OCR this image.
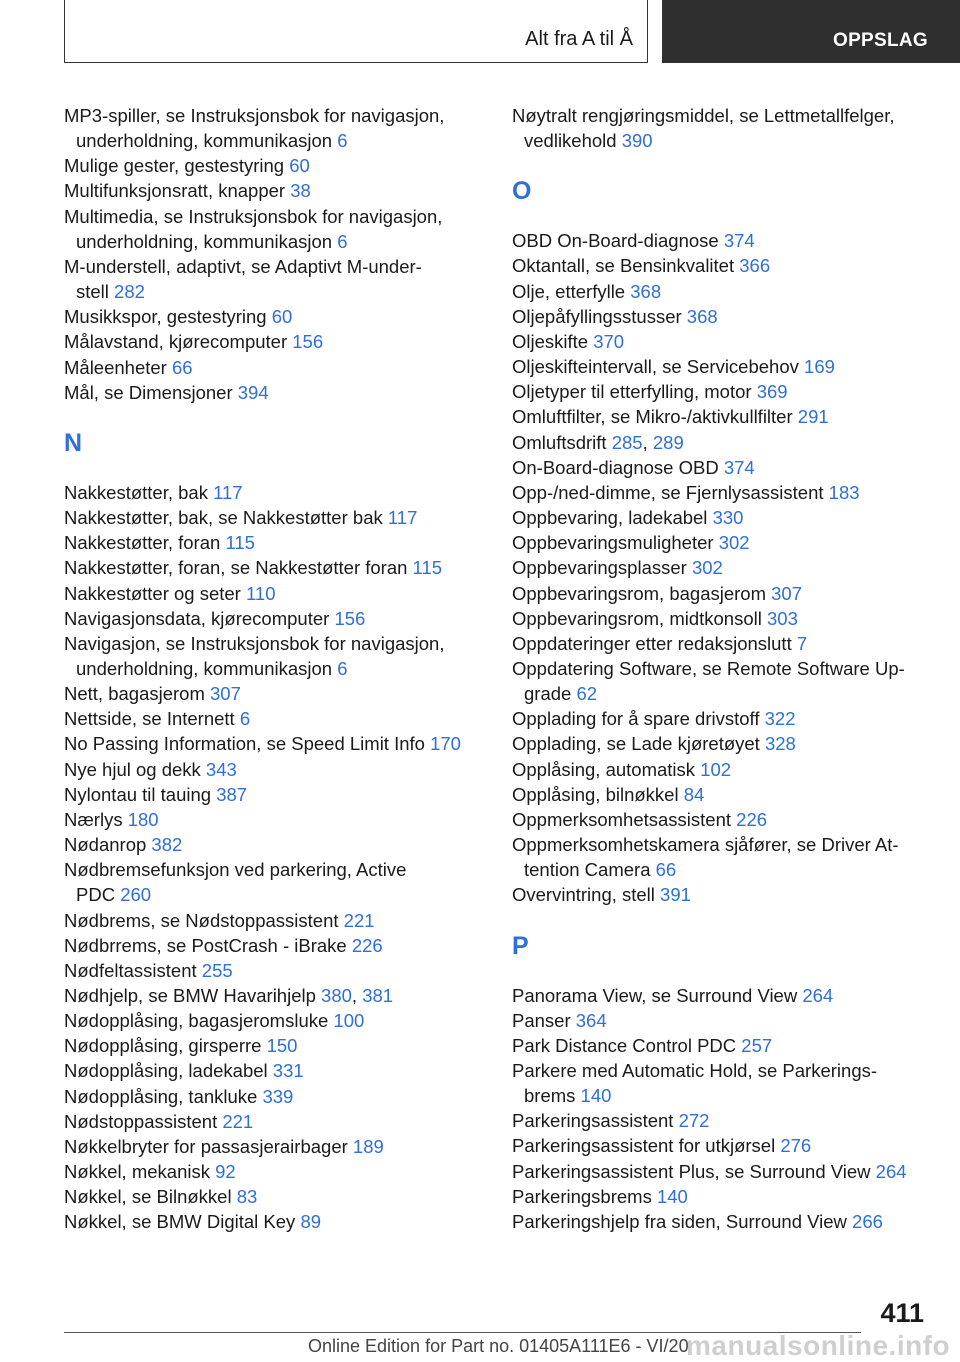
Alt fra A til Å	OPPSLAG
MP3-spiller, se Instruksjonsbok for navigasjon,
underholdning, kommunikasjon 6
Mulige gester, gestestyring 60
Multifunksjonsratt, knapper 38
Multimedia, se Instruksjonsbok for navigasjon,
underholdning, kommunikasjon 6
M-understell, adaptivt, se Adaptivt M-under-
stell 282
Musikkspor, gestestyring 60
Målavstand, kjørecomputer 156
Måleenheter 66
Mål, se Dimensjoner 394
N
Nakkestøtter, bak 117
Nakkestøtter, bak, se Nakkestøtter bak 117
Nakkestøtter, foran 115
Nakkestøtter, foran, se Nakkestøtter foran 115
Nakkestøtter og seter 110
Navigasjonsdata, kjørecomputer 156
Navigasjon, se Instruksjonsbok for navigasjon,
underholdning, kommunikasjon 6
Nett, bagasjerom 307
Nettside, se Internett 6
No Passing Information, se Speed Limit Info 170
Nye hjul og dekk 343
Nylontau til tauing 387
Nærlys 180
Nødanrop 382
Nødbremsefunksjon ved parkering, Active
PDC 260
Nødbrems, se Nødstoppassistent 221
Nødbrrems, se PostCrash - iBrake 226
Nødfeltassistent 255
Nødhjelp, se BMW Havarihjelp 380, 381
Nødopplåsing, bagasjeromsluke 100
Nødopplåsing, girsperre 150
Nødopplåsing, ladekabel 331
Nødopplåsing, tankluke 339
Nødstoppassistent 221
Nøkkelbryter for passasjerairbager 189
Nøkkel, mekanisk 92
Nøkkel, se Bilnøkkel 83
Nøkkel, se BMW Digital Key 89
Nøytralt rengjøringsmiddel, se Lettmetallfelger,
vedlikehold 390
O
OBD On-Board-diagnose 374
Oktantall, se Bensinkvalitet 366
Olje, etterfylle 368
Oljepåfyllingsstusser 368
Oljeskifte 370
Oljeskifteintervall, se Servicebehov 169
Oljetyper til etterfylling, motor 369
Omluftfilter, se Mikro-/aktivkullfilter 291
Omluftsdrift 285, 289
On-Board-diagnose OBD 374
Opp-/ned-dimme, se Fjernlysassistent 183
Oppbevaring, ladekabel 330
Oppbevaringsmuligheter 302
Oppbevaringsplasser 302
Oppbevaringsrom, bagasjerom 307
Oppbevaringsrom, midtkonsoll 303
Oppdateringer etter redaksjonslutt 7
Oppdatering Software, se Remote Software Up-
grade 62
Opplading for å spare drivstoff 322
Opplading, se Lade kjøretøyet 328
Opplåsing, automatisk 102
Opplåsing, bilnøkkel 84
Oppmerksomhetsassistent 226
Oppmerksomhetskamera sjåfører, se Driver At-
tention Camera 66
Overvintring, stell 391
P
Panorama View, se Surround View 264
Panser 364
Park Distance Control PDC 257
Parkere med Automatic Hold, se Parkerings-
brems 140
Parkeringsassistent 272
Parkeringsassistent for utkjørsel 276
Parkeringsassistent Plus, se Surround View 264
Parkeringsbrems 140
Parkeringshjelp fra siden, Surround View 266
411
Online Edition for Part no. 01405A111E6 - VI/20
manualsonline.info
